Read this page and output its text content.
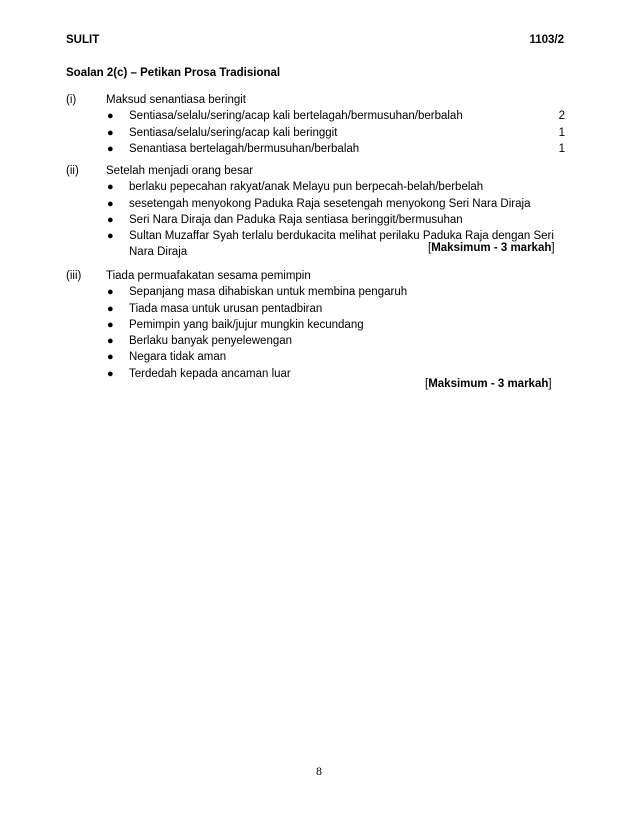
SULIT	1103/2
Soalan 2(c) – Petikan Prosa Tradisional
(i)	Maksud senantiasa beringit
● Sentiasa/selalu/sering/acap kali bertelagah/bermusuhan/berbalah	2
● Sentiasa/selalu/sering/acap kali beringgit	1
● Senantiasa bertelagah/bermusuhan/berbalah	1
(ii) Setelah menjadi orang besar
● berlaku pepecahan rakyat/anak Melayu pun berpecah-belah/berbelah
● sesetengah menyokong Paduka Raja sesetengah menyokong Seri Nara Diraja
● Seri Nara Diraja dan Paduka Raja sentiasa beringgit/bermusuhan
● Sultan Muzaffar Syah terlalu berdukacita melihat perilaku Paduka Raja dengan Seri Nara Diraja	[Maksimum - 3 markah]
(iii) Tiada permuafakatan sesama pemimpin
● Sepanjang masa dihabiskan untuk membina pengaruh
● Tiada masa untuk urusan pentadbiran
● Pemimpin yang baik/jujur mungkin kecundang
● Berlaku banyak penyelewengan
● Negara tidak aman
● Terdedah kepada ancaman luar
[Maksimum - 3 markah]
8
